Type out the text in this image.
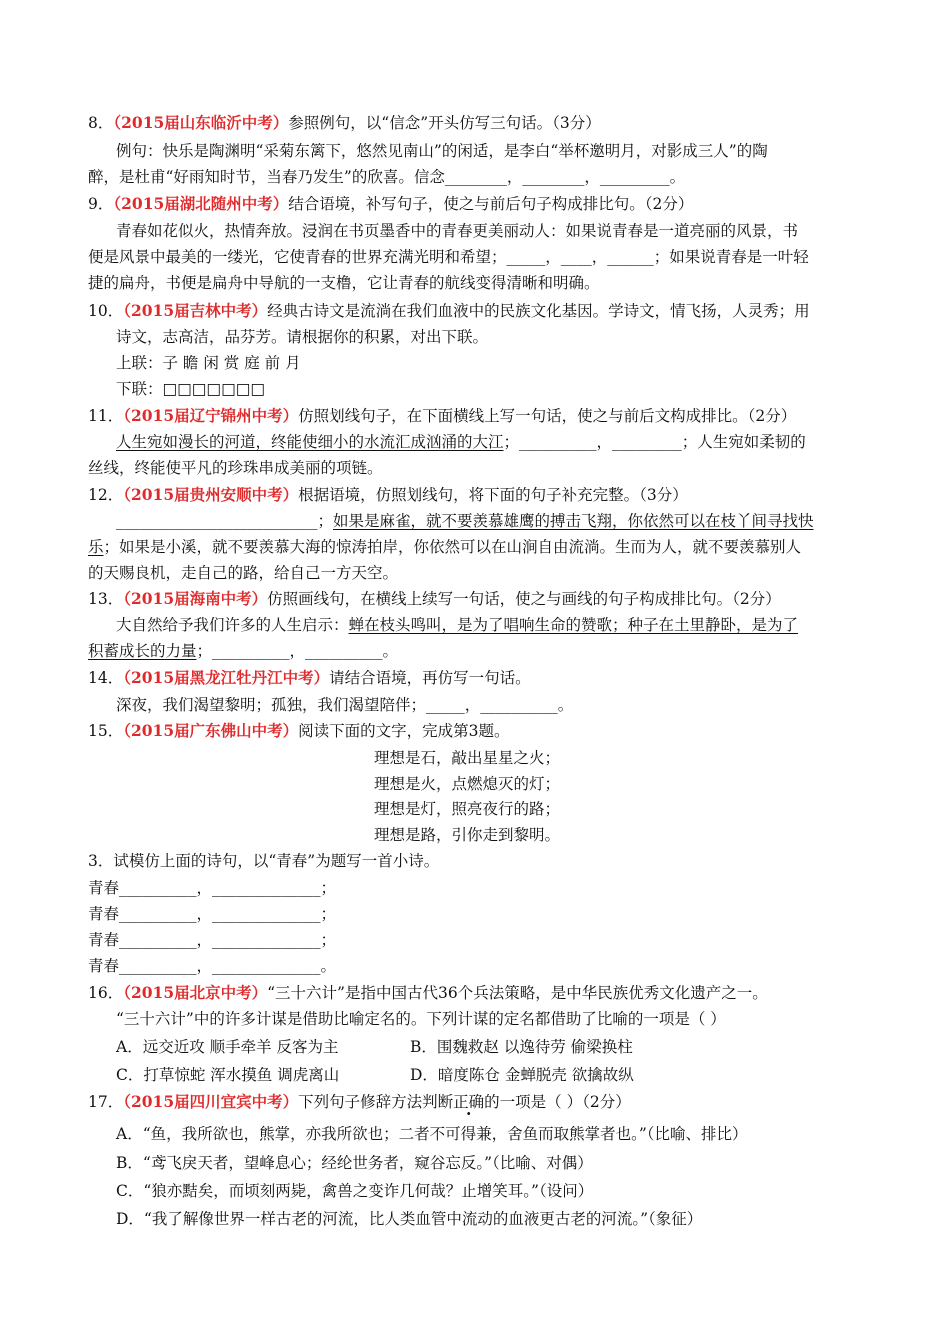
8．（2015届山东临沂中考）参照例句，以“信念”开头仿写三句话。（3分）
例句：快乐是陶渊明“采菊东篱下，悠然见南山”的闲适，是李白“举杯邀明月，对影成三人”的陶
醉，是杜甫“好雨知时节，当春乃发生”的欣喜。信念________，________，_________。
9．（2015届湖北随州中考）结合语境，补写句子，使之与前后句子构成排比句。（2分）
青春如花似火，热情奔放。浸润在书页墨香中的青春更美丽动人：如果说青春是一道亮丽的风景，书
便是风景中最美的一缕光，它使青春的世界充满光明和希望；_____，____，______；如果说青春是一叶轻
捷的扁舟，书便是扁舟中导航的一支橹，它让青春的航线变得清晰和明确。
10．（2015届吉林中考）经典古诗文是流淌在我们血液中的民族文化基因。学诗文，情飞扬，人灵秀；用
诗文，志高洁，品芬芳。请根据你的积累，对出下联。
上联：子 瞻 闲 赏 庭 前 月
下联：□□□□□□□
11．（2015届辽宁锦州中考）仿照划线句子，在下面横线上写一句话，使之与前后文构成排比。（2分）
人生宛如漫长的河道，终能使细小的水流汇成汹涌的大江；__________，_________；人生宛如柔韧的
丝线，终能使平凡的珍珠串成美丽的项链。
12．（2015届贵州安顺中考）根据语境，仿照划线句，将下面的句子补充完整。（3分）
__________________________；如果是麻雀，就不要羡慕雄鹰的搏击飞翔，你依然可以在枝丫间寻找快
乐；如果是小溪，就不要羡慕大海的惊涛拍岸，你依然可以在山涧自由流淌。生而为人，就不要羡慕别人
的天赐良机，走自己的路，给自己一方天空。
13．（2015届海南中考）仿照画线句，在横线上续写一句话，使之与画线的句子构成排比句。（2分）
大自然给予我们许多的人生启示：蝉在枝头鸣叫，是为了唱响生命的赞歌；种子在土里静卧，是为了
积蓄成长的力量；__________，__________。
14．（2015届黑龙江牡丹江中考）请结合语境，再仿写一句话。
深夜，我们渴望黎明；孤独，我们渴望陪伴；_____，__________。
15．（2015届广东佛山中考）阅读下面的文字，完成第3题。
理想是石，敲出星星之火；
理想是火，点燃熄灭的灯；
理想是灯，照亮夜行的路；
理想是路，引你走到黎明。
3．试模仿上面的诗句，以“青春”为题写一首小诗。
青春__________，______________；
青春__________，______________；
青春__________，______________；
青春__________，______________。
16．（2015届北京中考）“三十六计”是指中国古代36个兵法策略，是中华民族优秀文化遗产之一。
“三十六计”中的许多计谋是借助比喻定名的。下列计谋的定名都借助了比喻的一项是（ ）
A．远交近攻 顺手牵羊 反客为主	B．围魏救赵 以逸待劳 偷梁换柱
C．打草惊蛇 浑水摸鱼 调虎离山	D．暗度陈仓 金蝉脱壳 欲擒故纵
17．（2015届四川宜宾中考）下列句子修辞方法判断正确的一项是（ ）（2分）
A．“鱼，我所欲也，熊掌，亦我所欲也；二者不可得兼，舍鱼而取熊掌者也。”（比喻、排比）
B．“鸢飞戾天者，望峰息心；经纶世务者，窥谷忘反。”（比喻、对偶）
C．“狼亦黠矣，而顷刻两毙，禽兽之变诈几何哉？止增笑耳。”（设问）
D．“我了解像世界一样古老的河流，比人类血管中流动的血液更古老的河流。”（象征）
